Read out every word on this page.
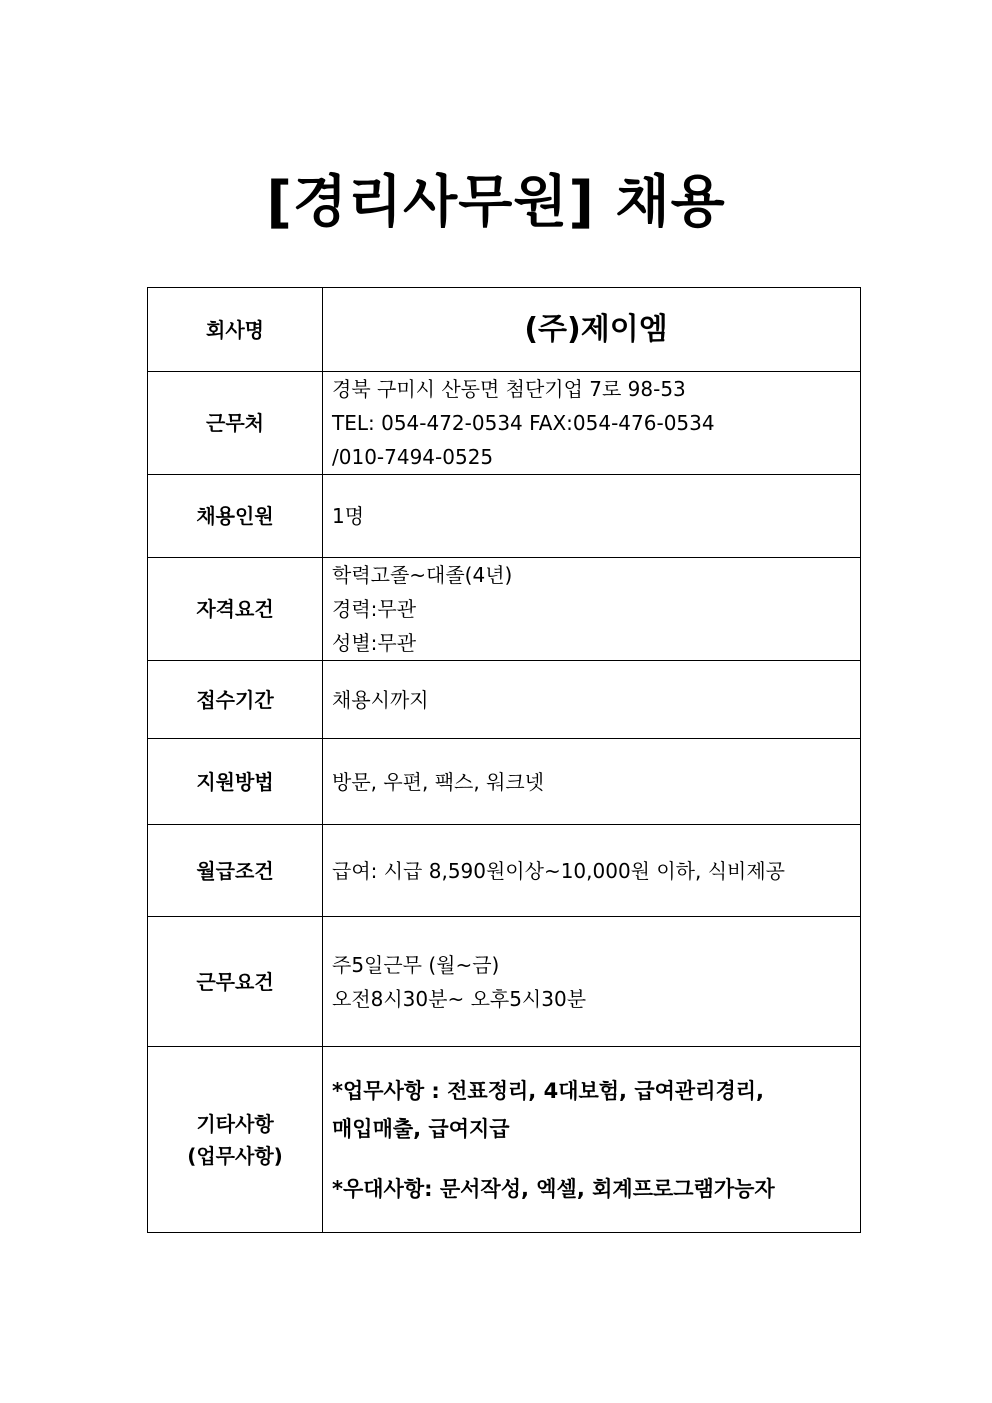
[경리사무원] 채용
회사명	(주)제이엠
근무처	경북 구미시 산동면 첨단기업 7로 98-53
TEL: 054-472-0534 FAX:054-476-0534
/010-7494-0525

채용인원	1명
자격요건	학력고졸~대졸(4년)
경력:무관
성별:무관

접수기간	채용시까지
지원방법	방문, 우편, 팩스, 워크넷
월급조건	급여: 시급 8,590원이상~10,000원 이하, 식비제공
근무요건	주5일근무 (월~금)
오전8시30분~ 오후5시30분

기타사항
(업무사항)	*업무사항 : 전표정리, 4대보험, 급여관리경리,
매입매출, 급여지급
*우대사항: 문서작성, 엑셀, 회계프로그램가능자
